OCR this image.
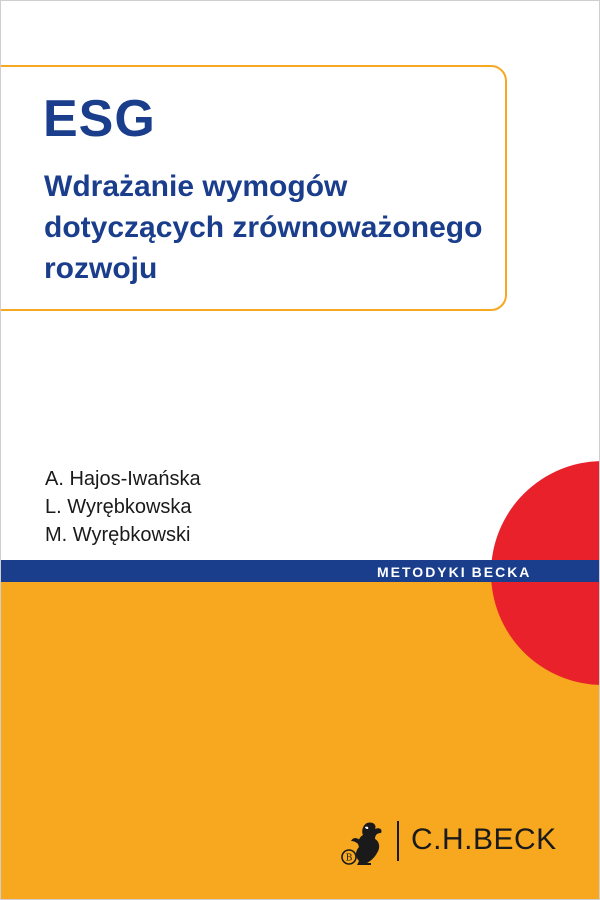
ESG
Wdrażanie wymogów dotyczących zrównoważonego rozwoju
A. Hajos-Iwańska
L. Wyrębkowska
M. Wyrębkowski
METODYKI BECKA
B
C.H.BECK
